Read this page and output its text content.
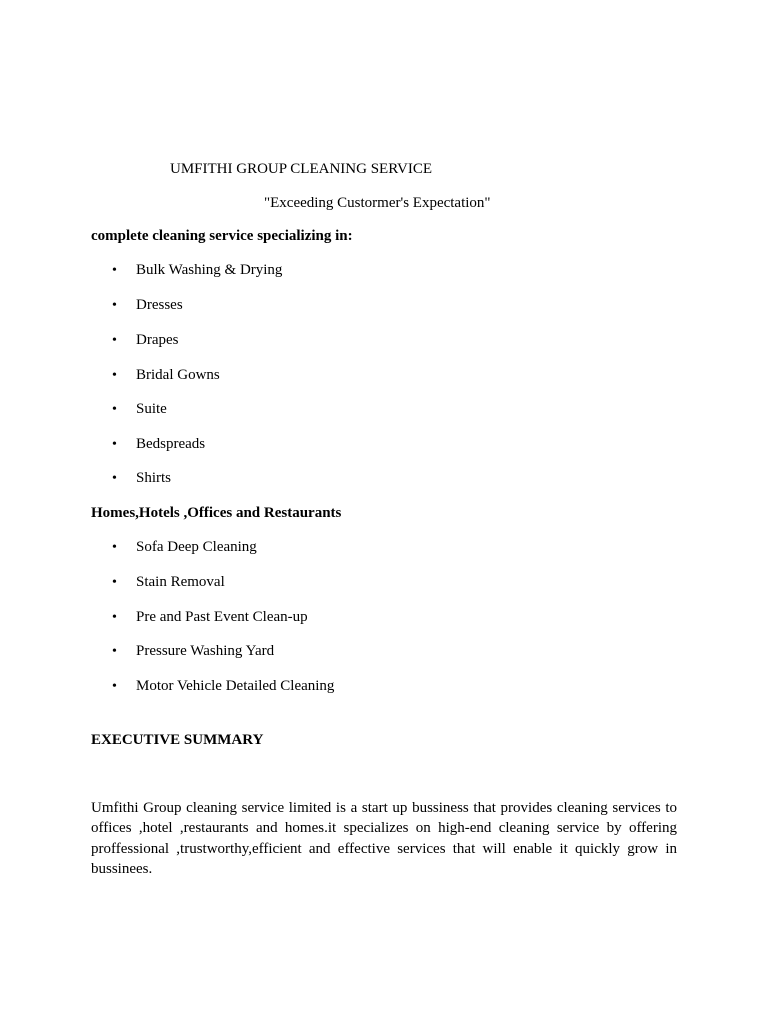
UMFITHI GROUP CLEANING SERVICE
"Exceeding Custormer's Expectation"
complete cleaning service specializing in:
• Bulk Washing & Drying
• Dresses
• Drapes
• Bridal Gowns
• Suite
• Bedspreads
• Shirts
Homes,Hotels ,Offices and Restaurants
• Sofa Deep Cleaning
• Stain Removal
• Pre and Past Event Clean-up
• Pressure Washing Yard
• Motor Vehicle Detailed Cleaning
EXECUTIVE SUMMARY
Umfithi Group cleaning service limited is a start up bussiness that provides cleaning services to offices ,hotel ,restaurants and homes.it specializes on high-end cleaning service by offering proffessional ,trustworthy,efficient and effective services that will enable it quickly grow in bussinees.
